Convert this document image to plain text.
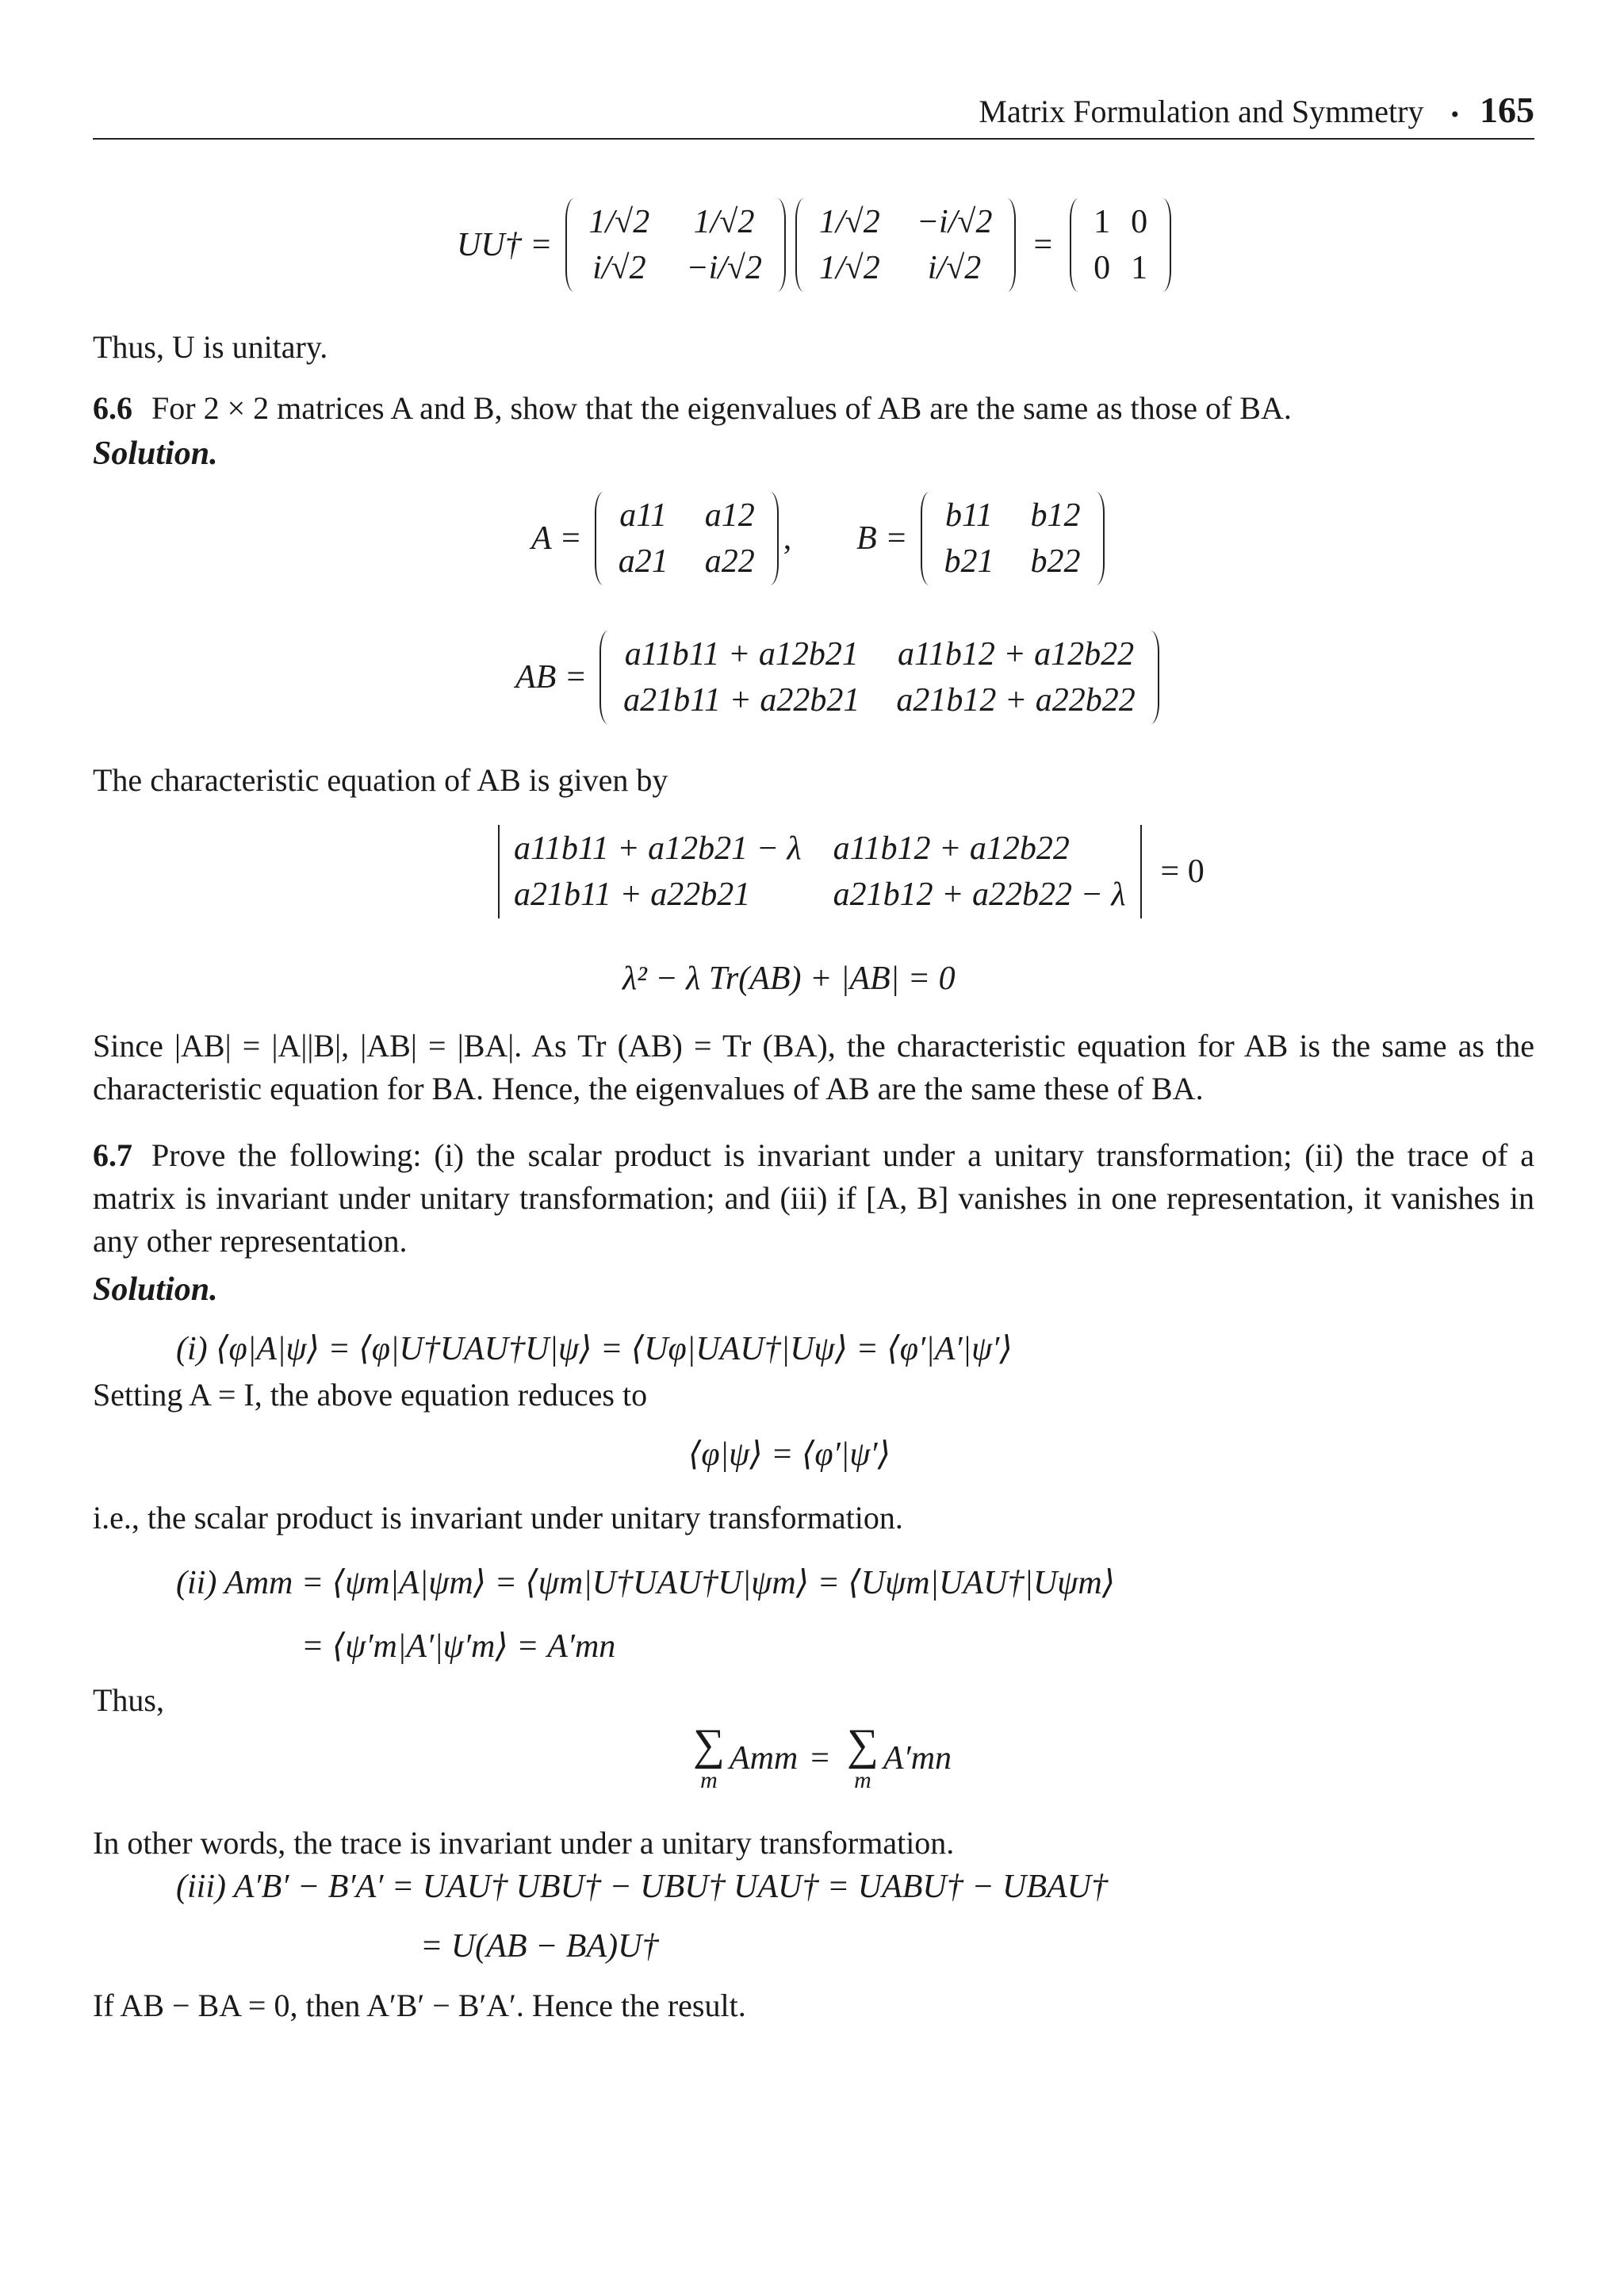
Matrix Formulation and Symmetry • 165
UU† =
1/√2 1/√2
i/√2 −i/√2
1/√2 −i/√2
1/√2	i/√2
=
1 0
0 1
Thus, U is unitary.
6.6 For 2 × 2 matrices A and B, show that the eigenvalues of AB are the same as those of BA.
Solution.
A =
a11 a12
a21 a22
, B =
b11 b12
b21 b22
AB =
a11b11 + a12b21 a11b12 + a12b22
a21b11 + a22b21 a21b12 + a22b22
The characteristic equation of AB is given by
a11b11 + a12b21 − λ a11b12 + a12b22
a21b11 + a22b21	a21b12 + a22b22 − λ
= 0
λ² − λ Tr(AB) + |AB| = 0
Since |AB| = |A||B|, |AB| = |BA|. As Tr (AB) = Tr (BA), the characteristic equation for AB is the same as the characteristic equation for BA. Hence, the eigenvalues of AB are the same these of BA.
6.7 Prove the following: (i) the scalar product is invariant under a unitary transformation; (ii) the trace of a matrix is invariant under unitary transformation; and (iii) if [A, B] vanishes in one representation, it vanishes in any other representation.
Solution.
(i) ⟨φ|A|ψ⟩ = ⟨φ|U†UAU†U|ψ⟩ = ⟨Uφ|UAU†|Uψ⟩ = ⟨φ′|A′|ψ′⟩
Setting A = I, the above equation reduces to
⟨φ|ψ⟩ = ⟨φ′|ψ′⟩
i.e., the scalar product is invariant under unitary transformation.
(ii) Amm = ⟨ψm|A|ψm⟩ = ⟨ψm|U†UAU†U|ψm⟩ = ⟨Uψm|UAU†|Uψm⟩
= ⟨ψ′m|A′|ψ′m⟩ = A′mn
Thus,
∑
m
Amm = ∑
m
A′mn
In other words, the trace is invariant under a unitary transformation.
(iii) A′B′ − B′A′ = UAU† UBU† − UBU† UAU† = UABU† − UBAU†
= U(AB − BA)U†
If AB − BA = 0, then A′B′ − B′A′. Hence the result.
